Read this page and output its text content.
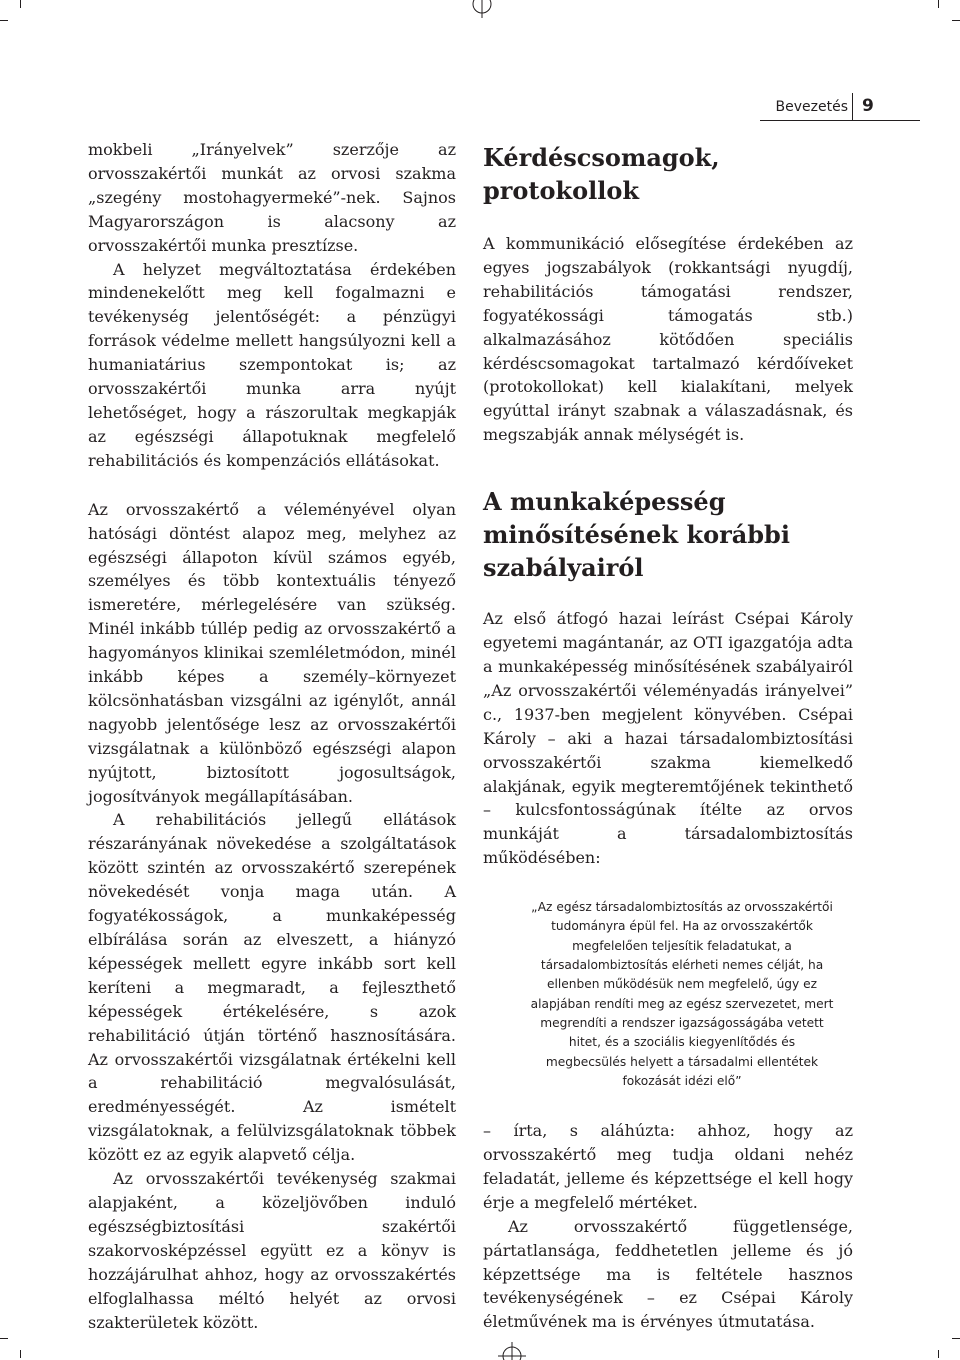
Bevezetés 9

mokbeli „Irányelvek” szerzője az orvosszakértői munkát az orvosi szakma „szegény mostohagyermeké”-nek. Sajnos Magyarországon is alacsony az orvosszakértői munka presztízse.

A helyzet megváltoztatása érdekében mindenekelőtt meg kell fogalmazni e tevékenység jelentőségét: a pénzügyi források védelme mellett hangsúlyozni kell a humaniatárius szempontokat is; az orvosszakértői munka arra nyújt lehetőséget, hogy a rászorultak megkapják az egészségi állapotuknak megfelelő rehabilitációs és kompenzációs ellátásokat.

Az orvosszakértő a véleményével olyan hatósági döntést alapoz meg, melyhez az egészségi állapoton kívül számos egyéb, személyes és több kontextuális tényező ismeretére, mérlegelésére van szükség. Minél inkább túllép pedig az orvosszakértő a hagyományos klinikai szemléletmódon, minél inkább képes a személy–környezet kölcsönhatásban vizsgálni az igénylőt, annál nagyobb jelentősége lesz az orvosszakértői vizsgálatnak a különböző egészségi alapon nyújtott, biztosított jogosultságok, jogosítványok megállapításában.

A rehabilitációs jellegű ellátások részarányának növekedése a szolgáltatások között szintén az orvosszakértő szerepének növekedését vonja maga után. A fogyatékosságok, a munkaképesség elbírálása során az elveszett, a hiányzó képességek mellett egyre inkább sort kell keríteni a megmaradt, a fejleszthető képességek értékelésére, s azok rehabilitáció útján történő hasznosítására. Az orvosszakértői vizsgálatnak értékelni kell a rehabilitáció megvalósulását, eredményességét. Az ismételt vizsgálatoknak, a felülvizsgálatoknak többek között ez az egyik alapvető célja.

Az orvosszakértői tevékenység szakmai alapjaként, a közeljövőben induló egészségbiztosítási szakértői szakorvosképzéssel együtt ez a könyv is hozzájárulhat ahhoz, hogy az orvosszakértés elfoglalhassa méltó helyét az orvosi szakterületek között.

Kérdéscsomagok, protokollok

A kommunikáció elősegítése érdekében az egyes jogszabályok (rokkantsági nyugdíj, rehabilitációs támogatási rendszer, fogyatékossági támogatás stb.) alkalmazásához kötődően speciális kérdéscsomagokat tartalmazó kérdőíveket (protokollokat) kell kialakítani, melyek egyúttal irányt szabnak a válaszadásnak, és megszabják annak mélységét is.

A munkaképesség minősítésének korábbi szabályairól

Az első átfogó hazai leírást Csépai Károly egyetemi magántanár, az OTI igazgatója adta a munkaképesség minősítésének szabályairól „Az orvosszakértői véleményadás irányelvei” c., 1937-ben megjelent könyvében. Csépai Károly – aki a hazai társadalombiztosítási orvosszakértői szakma kiemelkedő alakjának, egyik megteremtőjének tekinthető – kulcsfontosságúnak ítélte az orvos munkáját a társadalombiztosítás működésében:

„Az egész társadalombiztosítás az orvosszakértői tudományra épül fel. Ha az orvosszakértők megfelelően teljesítik feladatukat, a társadalombiztosítás elérheti nemes célját, ha ellenben működésük nem megfelelő, úgy ez alapjában rendíti meg az egész szervezetet, mert megrendíti a rendszer igazságosságába vetett hitet, és a szociális kiegyenlítődés és megbecsülés helyett a társadalmi ellentétek fokozását idézi elő”

– írta, s aláhúzta: ahhoz, hogy az orvosszakértő meg tudja oldani nehéz feladatát, jelleme és képzettsége el kell hogy érje a megfelelő mértéket.

Az orvosszakértő függetlensége, pártatlansága, feddhetetlen jelleme és jó képzettsége ma is feltétele hasznos tevékenységének – ez Csépai Károly életművének ma is érvényes útmutatása.
